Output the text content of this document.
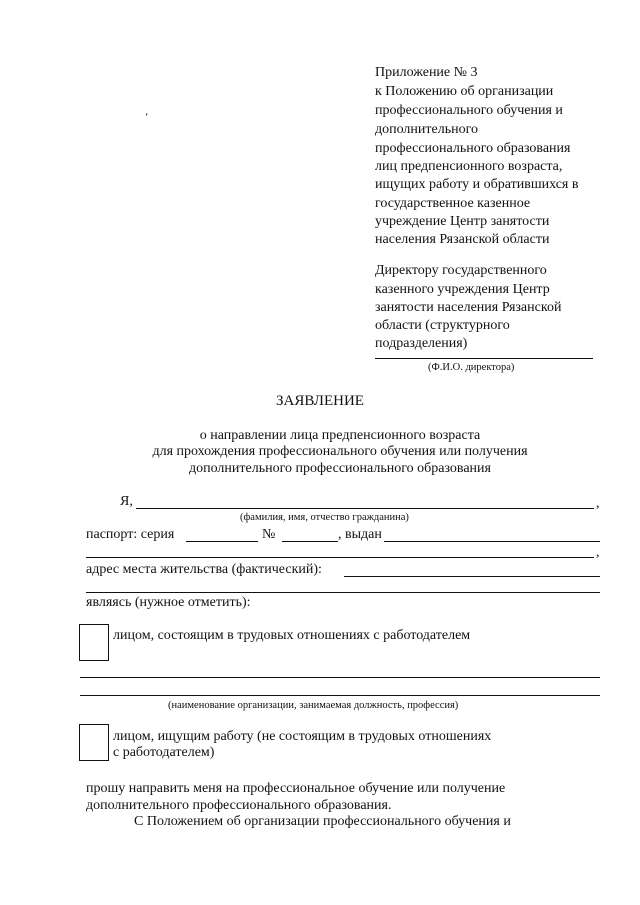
‘
Приложение № 3
к Положению об организации
профессионального обучения и
дополнительного
профессионального образования
лиц предпенсионного возраста,
ищущих работу и обратившихся в
государственное казенное
учреждение Центр занятости
населения Рязанской области
Директору государственного
казенного учреждения Центр
занятости населения Рязанской
области (структурного
подразделения)
(Ф.И.О. директора)
ЗАЯВЛЕНИЕ
о направлении лица предпенсионного возраста
для прохождения профессионального обучения или получения
дополнительного профессионального образования
Я,	,
(фамилия, имя, отчество гражданина)
паспорт: серия	№	, выдан
,
адрес места жительства (фактический):
являясь (нужное отметить):
лицом, состоящим в трудовых отношениях с работодателем
(наименование организации, занимаемая должность, профессия)
лицом, ищущим работу (не состоящим в трудовых отношениях
с работодателем)
прошу направить меня на профессиональное обучение или получение
дополнительного профессионального образования.
С Положением об организации профессионального обучения и
